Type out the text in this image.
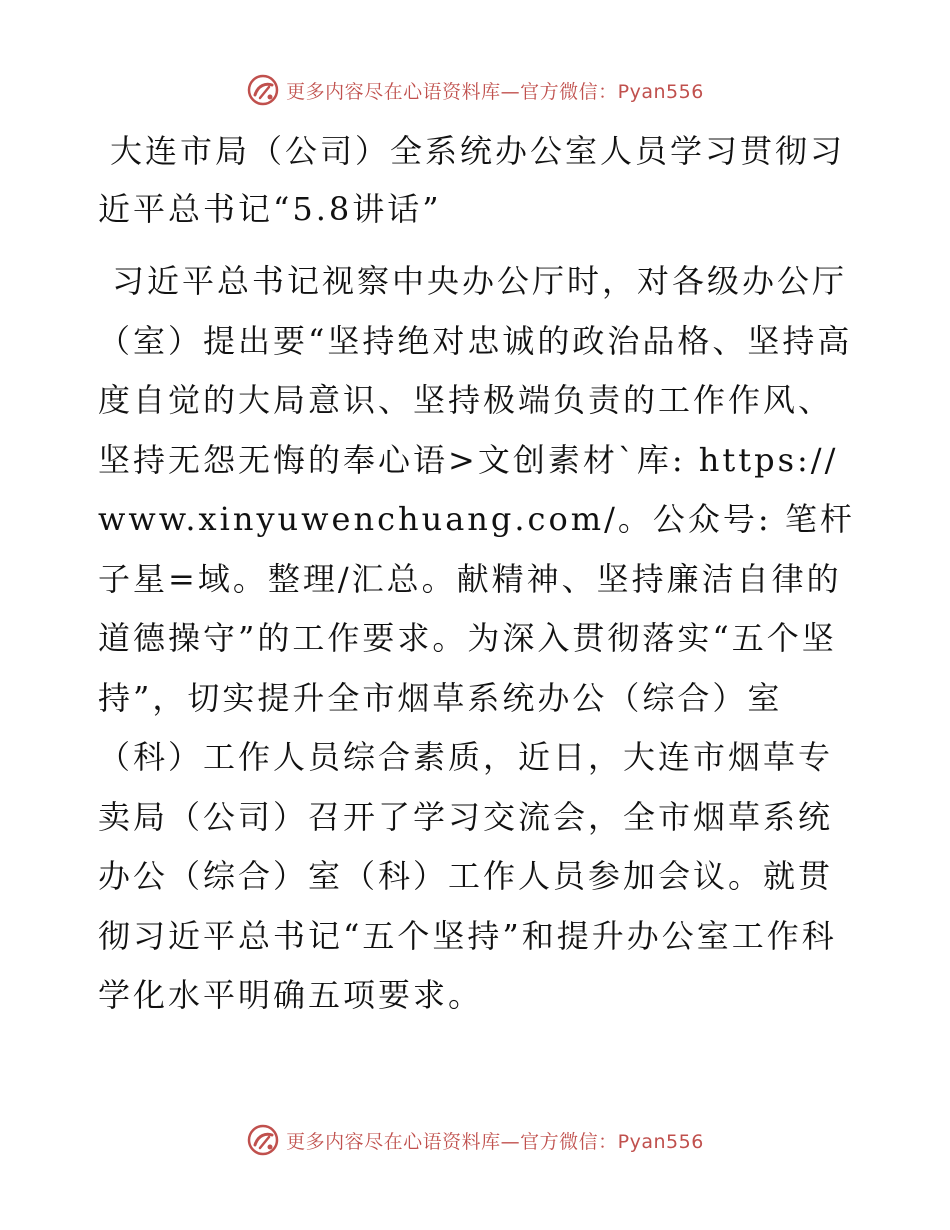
更多内容尽在心语资料库—官方微信：Pyan556
大连市局（公司）全系统办公室人员学习贯彻习近平总书记“5.8讲话”

习近平总书记视察中央办公厅时，对各级办公厅（室）提出要“坚持绝对忠诚的政治品格、坚持高度自觉的大局意识、坚持极端负责的工作作风、坚持无怨无悔的奉心语>文创素材`库: https://www.xinyuwenchuang.com/。公众号: 笔杆子星=域。整理/汇总。献精神、坚持廉洁自律的道德操守”的工作要求。为深入贯彻落实“五个坚持”，切实提升全市烟草系统办公（综合）室（科）工作人员综合素质，近日，大连市烟草专卖局（公司）召开了学习交流会，全市烟草系统办公（综合）室（科）工作人员参加会议。就贯彻习近平总书记“五个坚持”和提升办公室工作科学化水平明确五项要求。

更多内容尽在心语资料库—官方微信：Pyan556
